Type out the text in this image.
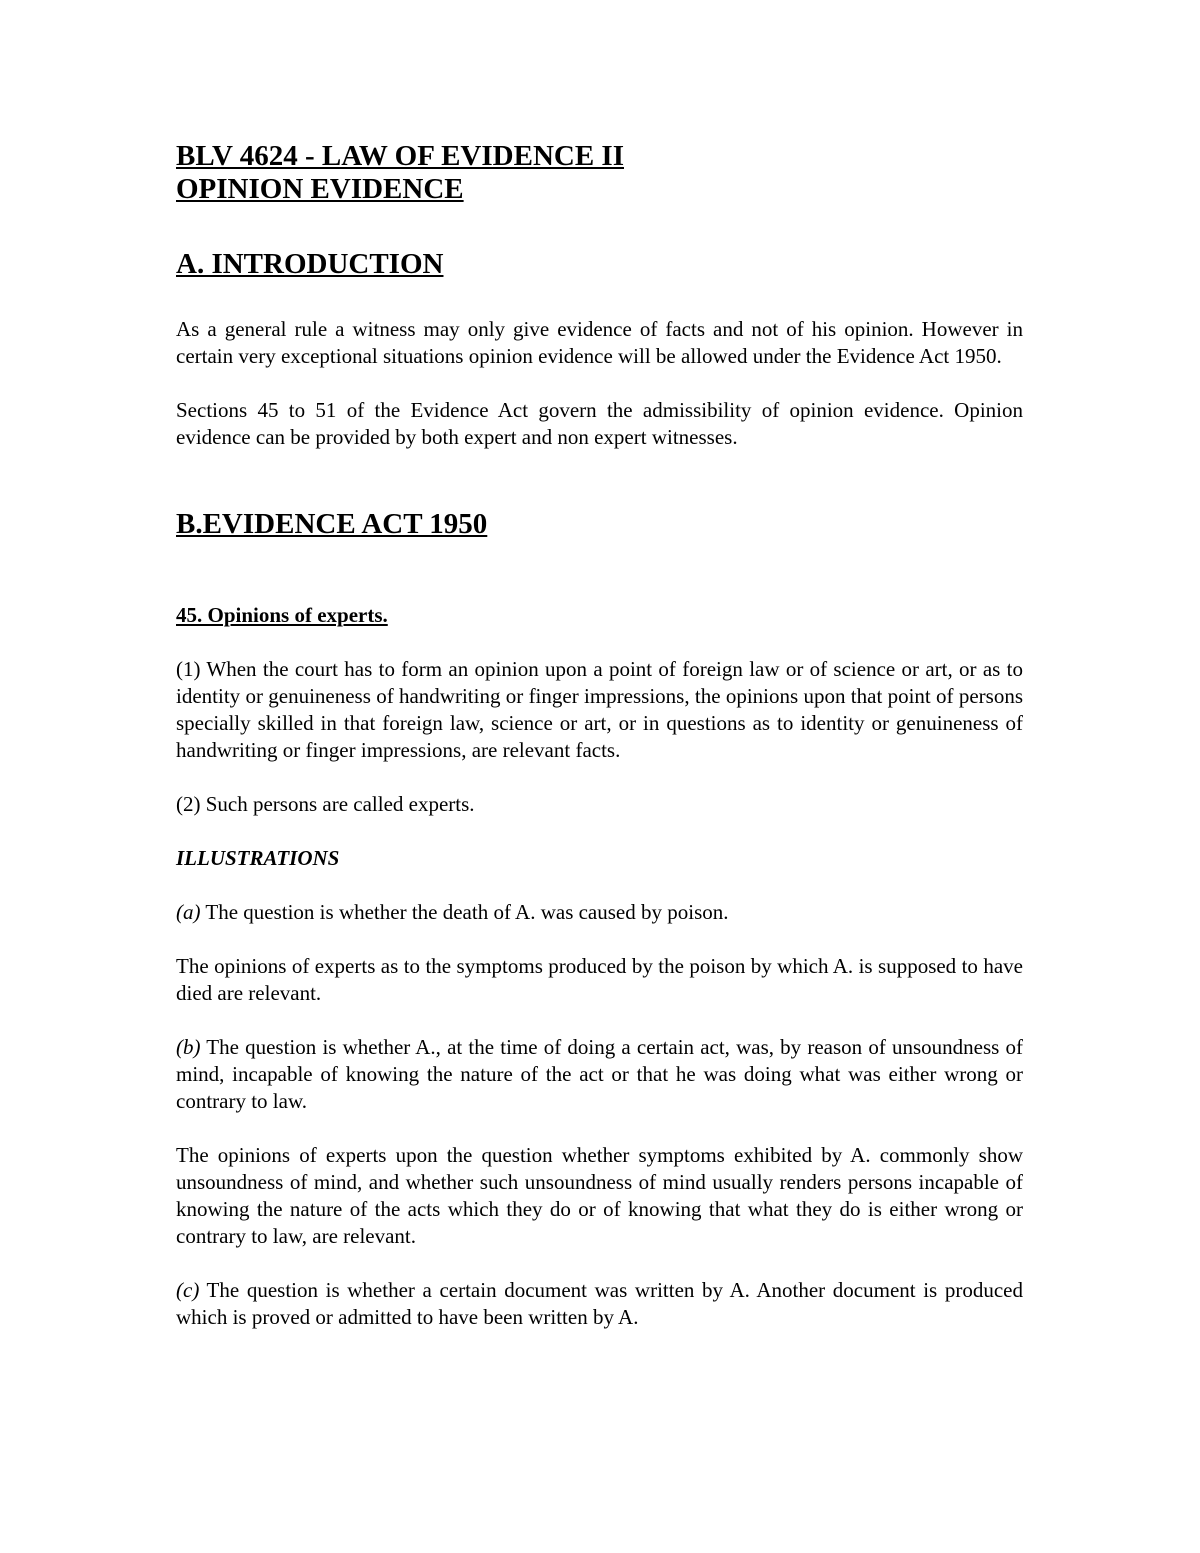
BLV 4624 - LAW OF EVIDENCE II

OPINION EVIDENCE

A. INTRODUCTION

As a general rule a witness may only give evidence of facts and not of his opinion. However in certain very exceptional situations opinion evidence will be allowed under the Evidence Act 1950.

Sections 45 to 51 of the Evidence Act govern the admissibility of opinion evidence. Opinion evidence can be provided by both expert and non expert witnesses.

B.EVIDENCE ACT 1950

45. Opinions of experts.

(1) When the court has to form an opinion upon a point of foreign law or of science or art, or as to identity or genuineness of handwriting or finger impressions, the opinions upon that point of persons specially skilled in that foreign law, science or art, or in questions as to identity or genuineness of handwriting or finger impressions, are relevant facts.

(2) Such persons are called experts.

ILLUSTRATIONS

(a) The question is whether the death of A. was caused by poison.

The opinions of experts as to the symptoms produced by the poison by which A. is supposed to have died are relevant.

(b) The question is whether A., at the time of doing a certain act, was, by reason of unsoundness of mind, incapable of knowing the nature of the act or that he was doing what was either wrong or contrary to law.

The opinions of experts upon the question whether symptoms exhibited by A. commonly show unsoundness of mind, and whether such unsoundness of mind usually renders persons incapable of knowing the nature of the acts which they do or of knowing that what they do is either wrong or contrary to law, are relevant.

(c) The question is whether a certain document was written by A. Another document is produced which is proved or admitted to have been written by A.
